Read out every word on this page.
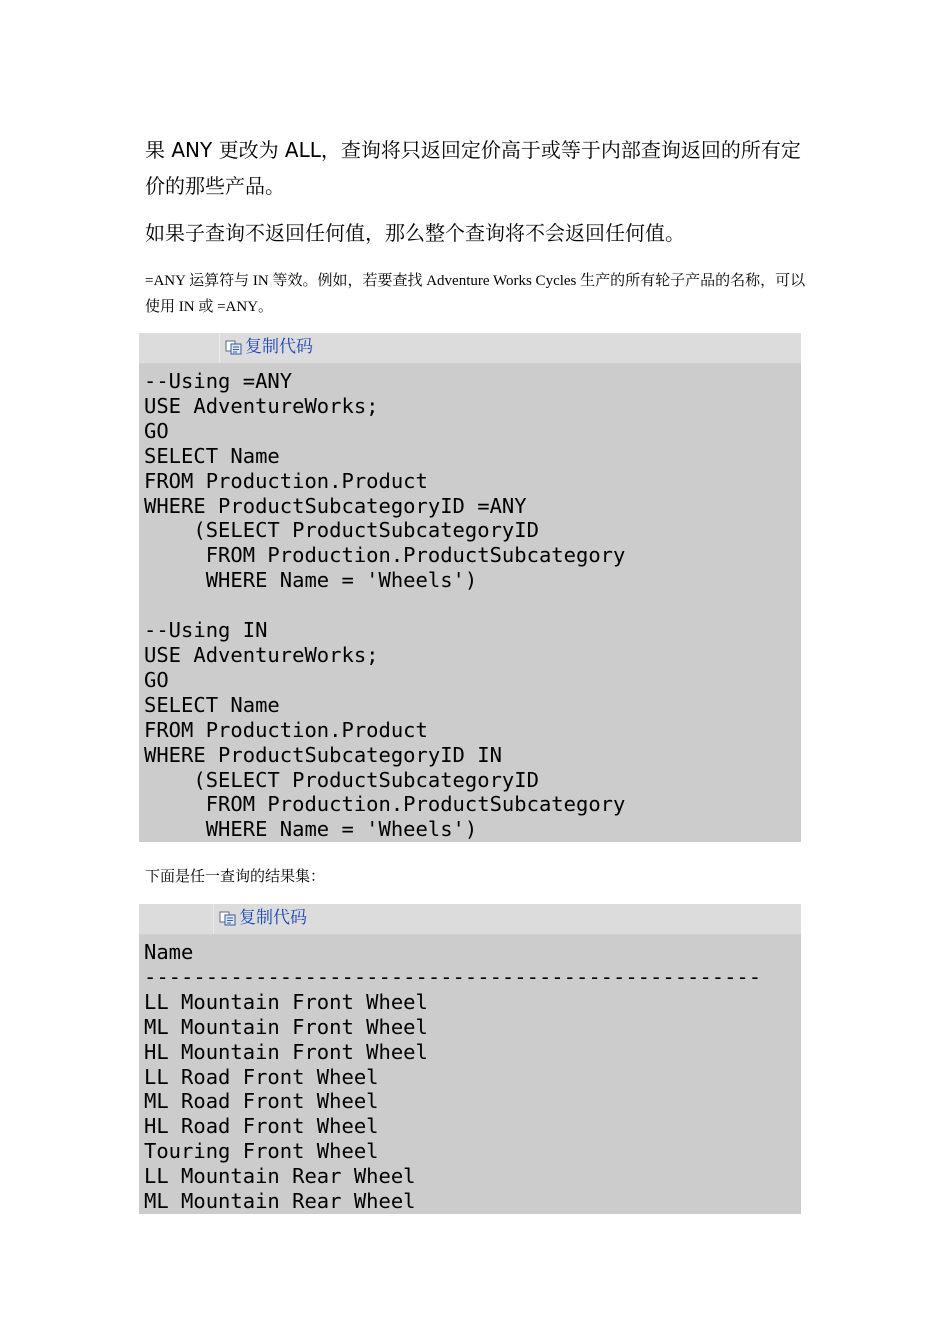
果 ANY 更改为 ALL，查询将只返回定价高于或等于内部查询返回的所有定价的那些产品。

如果子查询不返回任何值，那么整个查询将不会返回任何值。

=ANY 运算符与 IN 等效。例如，若要查找 Adventure Works Cycles 生产的所有轮子产品的名称，可以使用 IN 或 =ANY。

复制代码
--Using =ANY
USE AdventureWorks;
GO
SELECT Name
FROM Production.Product
WHERE ProductSubcategoryID =ANY
(SELECT ProductSubcategoryID
FROM Production.ProductSubcategory
WHERE Name = 'Wheels')

--Using IN
USE AdventureWorks;
GO
SELECT Name
FROM Production.Product
WHERE ProductSubcategoryID IN
(SELECT ProductSubcategoryID
FROM Production.ProductSubcategory
WHERE Name = 'Wheels')

下面是任一查询的结果集：

复制代码
Name
--------------------------------------------------
LL Mountain Front Wheel
ML Mountain Front Wheel
HL Mountain Front Wheel
LL Road Front Wheel
ML Road Front Wheel
HL Road Front Wheel
Touring Front Wheel
LL Mountain Rear Wheel
ML Mountain Rear Wheel
